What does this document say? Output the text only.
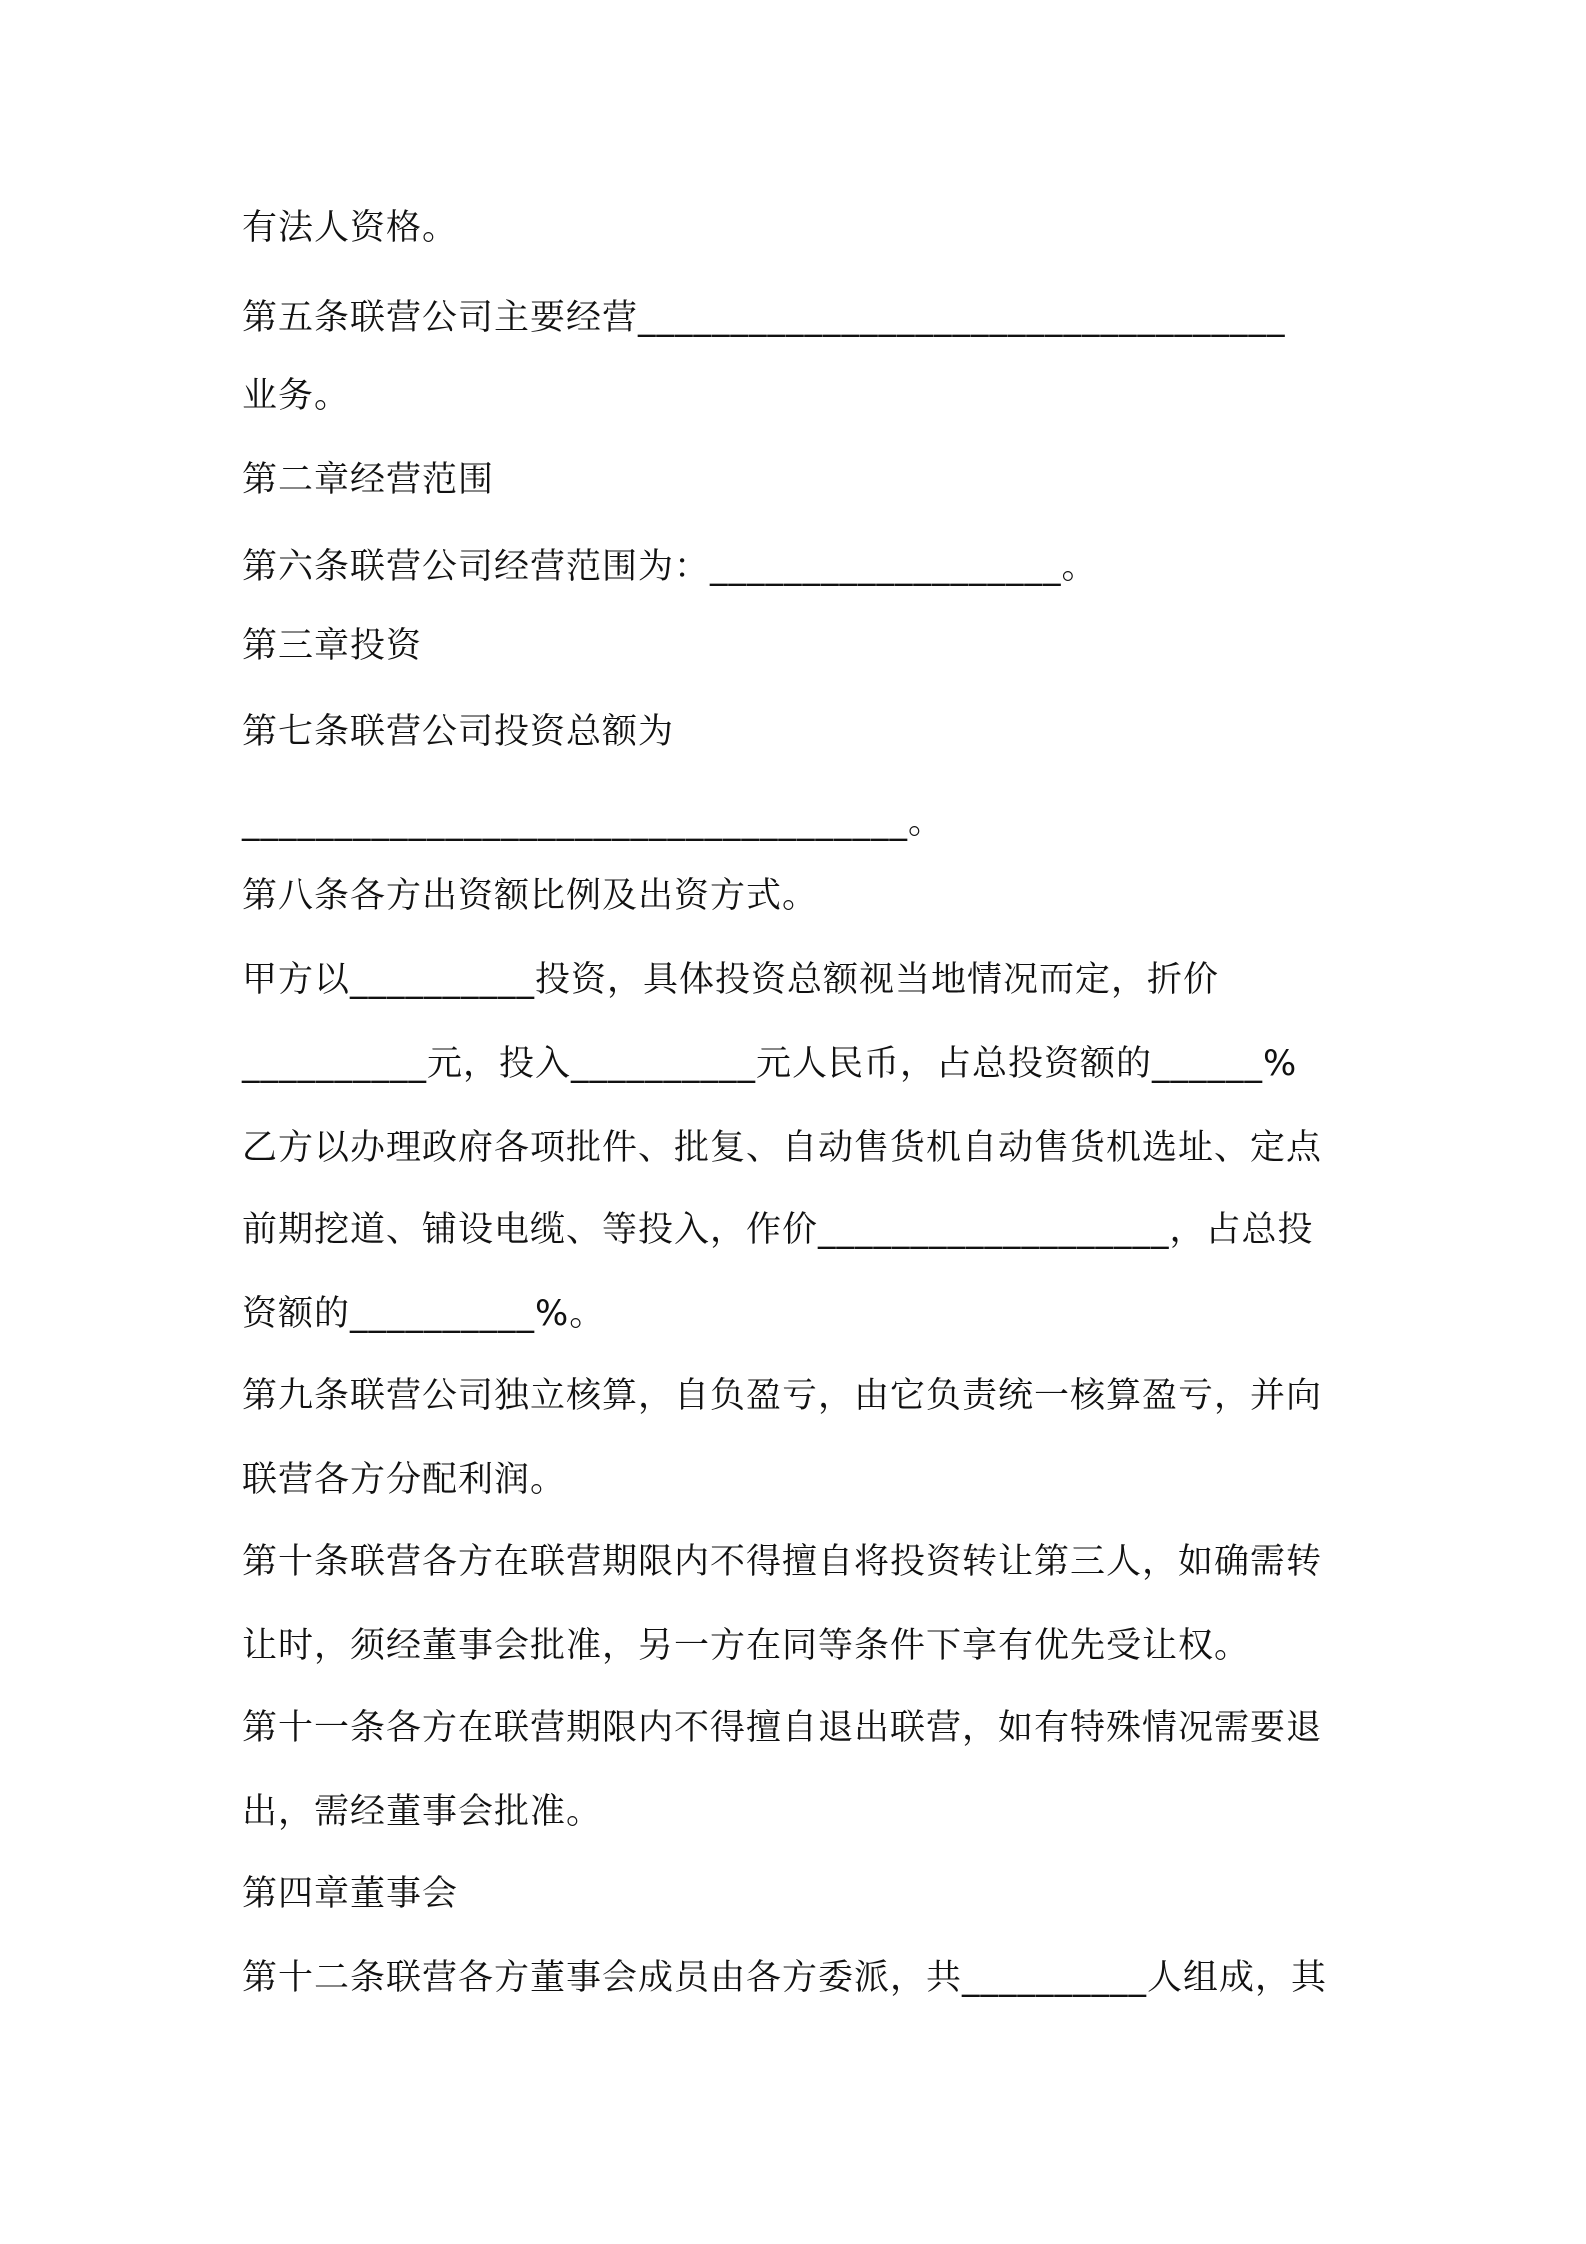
有法人资格。
第五条联营公司主要经营___________________________________
业务。
第二章经营范围
第六条联营公司经营范围为：___________________。
第三章投资
第七条联营公司投资总额为
____________________________________。
第八条各方出资额比例及出资方式。
甲方以__________投资，具体投资总额视当地情况而定，折价
__________元，投入__________元人民币，占总投资额的______%
乙方以办理政府各项批件、批复、自动售货机自动售货机选址、定点
前期挖道、铺设电缆、等投入，作价___________________，占总投
资额的__________%。
第九条联营公司独立核算，自负盈亏，由它负责统一核算盈亏，并向
联营各方分配利润。
第十条联营各方在联营期限内不得擅自将投资转让第三人，如确需转
让时，须经董事会批准，另一方在同等条件下享有优先受让权。
第十一条各方在联营期限内不得擅自退出联营，如有特殊情况需要退
出，需经董事会批准。
第四章董事会
第十二条联营各方董事会成员由各方委派，共__________人组成，其
